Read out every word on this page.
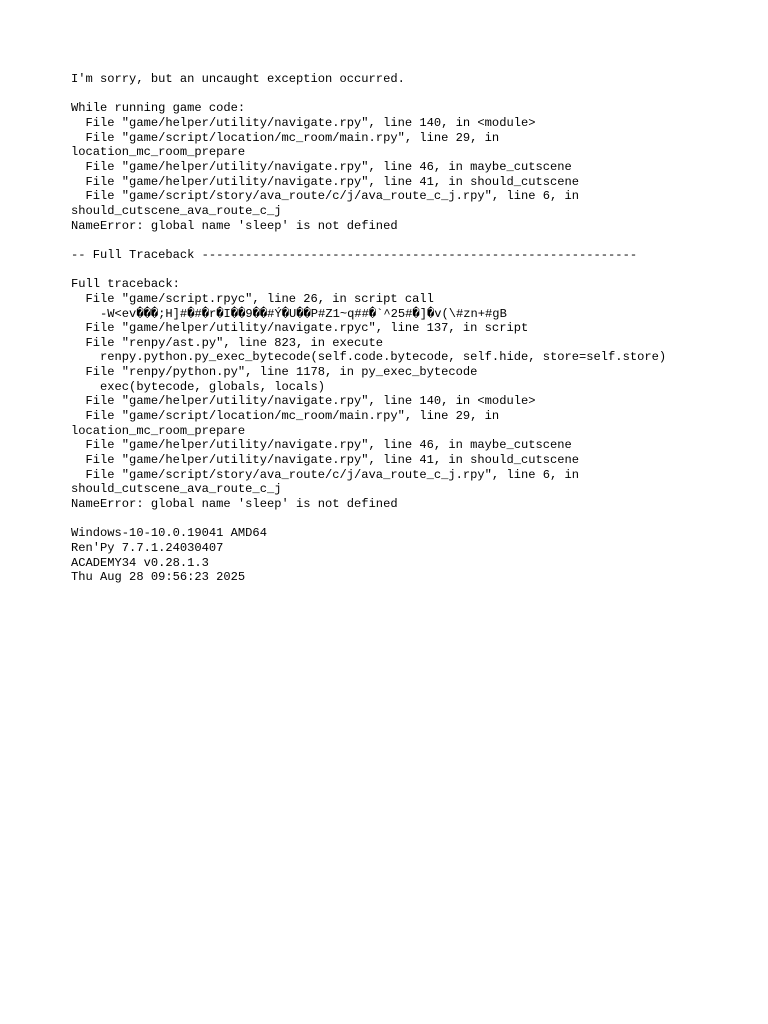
I'm sorry, but an uncaught exception occurred.

While running game code:
File "game/helper/utility/navigate.rpy", line 140, in <module>
File "game/script/location/mc_room/main.rpy", line 29, in
location_mc_room_prepare
File "game/helper/utility/navigate.rpy", line 46, in maybe_cutscene
File "game/helper/utility/navigate.rpy", line 41, in should_cutscene
File "game/script/story/ava_route/c/j/ava_route_c_j.rpy", line 6, in
should_cutscene_ava_route_c_j
NameError: global name 'sleep' is not defined

-- Full Traceback ------------------------------------------------------------

Full traceback:
File "game/script.rpyc", line 26, in script call
-W<ev���;H]#�#�r�I��9��#Ý�U��P#Z1~q##�`^25#�]�v(\#zn+#gB
File "game/helper/utility/navigate.rpyc", line 137, in script
File "renpy/ast.py", line 823, in execute
renpy.python.py_exec_bytecode(self.code.bytecode, self.hide, store=self.store)
File "renpy/python.py", line 1178, in py_exec_bytecode
exec(bytecode, globals, locals)
File "game/helper/utility/navigate.rpy", line 140, in <module>
File "game/script/location/mc_room/main.rpy", line 29, in
location_mc_room_prepare
File "game/helper/utility/navigate.rpy", line 46, in maybe_cutscene
File "game/helper/utility/navigate.rpy", line 41, in should_cutscene
File "game/script/story/ava_route/c/j/ava_route_c_j.rpy", line 6, in
should_cutscene_ava_route_c_j
NameError: global name 'sleep' is not defined

Windows-10-10.0.19041 AMD64
Ren'Py 7.7.1.24030407
ACADEMY34 v0.28.1.3
Thu Aug 28 09:56:23 2025
